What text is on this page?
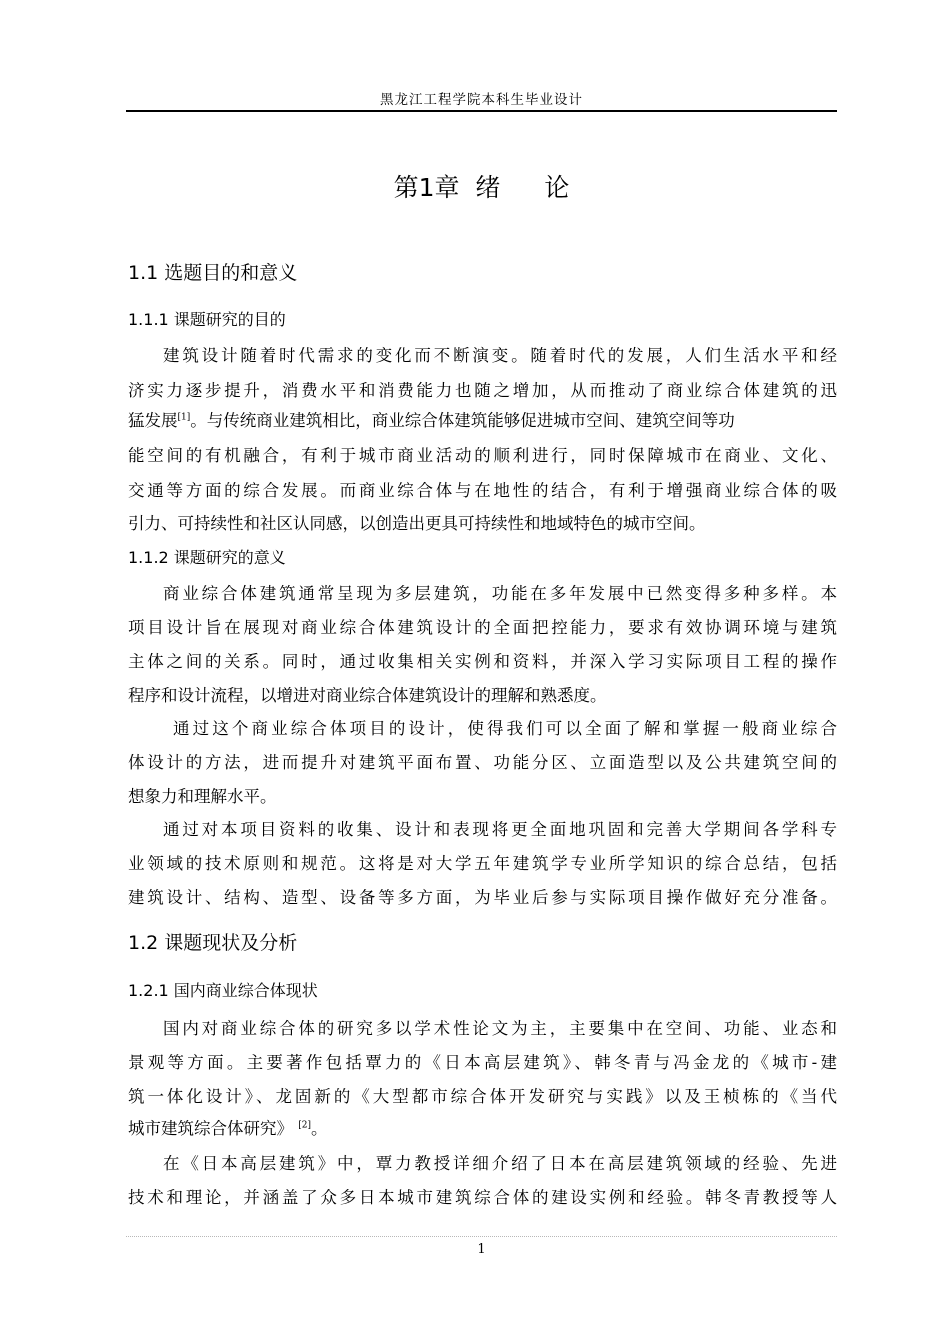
黑龙江工程学院本科生毕业设计
第1章 绪论
1.1 选题目的和意义
1.1.1 课题研究的目的
建筑设计随着时代需求的变化而不断演变。随着时代的发展，人们生活水平和经
济实力逐步提升，消费水平和消费能力也随之增加，从而推动了商业综合体建筑的迅
猛发展[1]。与传统商业建筑相比，商业综合体建筑能够促进城市空间、建筑空间等功
能空间的有机融合，有利于城市商业活动的顺利进行，同时保障城市在商业、文化、
交通等方面的综合发展。而商业综合体与在地性的结合，有利于增强商业综合体的吸
引力、可持续性和社区认同感，以创造出更具可持续性和地域特色的城市空间。
1.1.2 课题研究的意义
商业综合体建筑通常呈现为多层建筑，功能在多年发展中已然变得多种多样。本
项目设计旨在展现对商业综合体建筑设计的全面把控能力，要求有效协调环境与建筑
主体之间的关系。同时，通过收集相关实例和资料，并深入学习实际项目工程的操作
程序和设计流程，以增进对商业综合体建筑设计的理解和熟悉度。
通过这个商业综合体项目的设计，使得我们可以全面了解和掌握一般商业综合
体设计的方法，进而提升对建筑平面布置、功能分区、立面造型以及公共建筑空间的
想象力和理解水平。
通过对本项目资料的收集、设计和表现将更全面地巩固和完善大学期间各学科专
业领域的技术原则和规范。这将是对大学五年建筑学专业所学知识的综合总结，包括
建筑设计、结构、造型、设备等多方面，为毕业后参与实际项目操作做好充分准备。
1.2 课题现状及分析
1.2.1 国内商业综合体现状
国内对商业综合体的研究多以学术性论文为主，主要集中在空间、功能、业态和
景观等方面。主要著作包括覃力的《日本高层建筑》、韩冬青与冯金龙的《城市-建
筑一体化设计》、龙固新的《大型都市综合体开发研究与实践》以及王桢栋的《当代
城市建筑综合体研究》 [2]。
在《日本高层建筑》中，覃力教授详细介绍了日本在高层建筑领域的经验、先进
技术和理论，并涵盖了众多日本城市建筑综合体的建设实例和经验。韩冬青教授等人
1
